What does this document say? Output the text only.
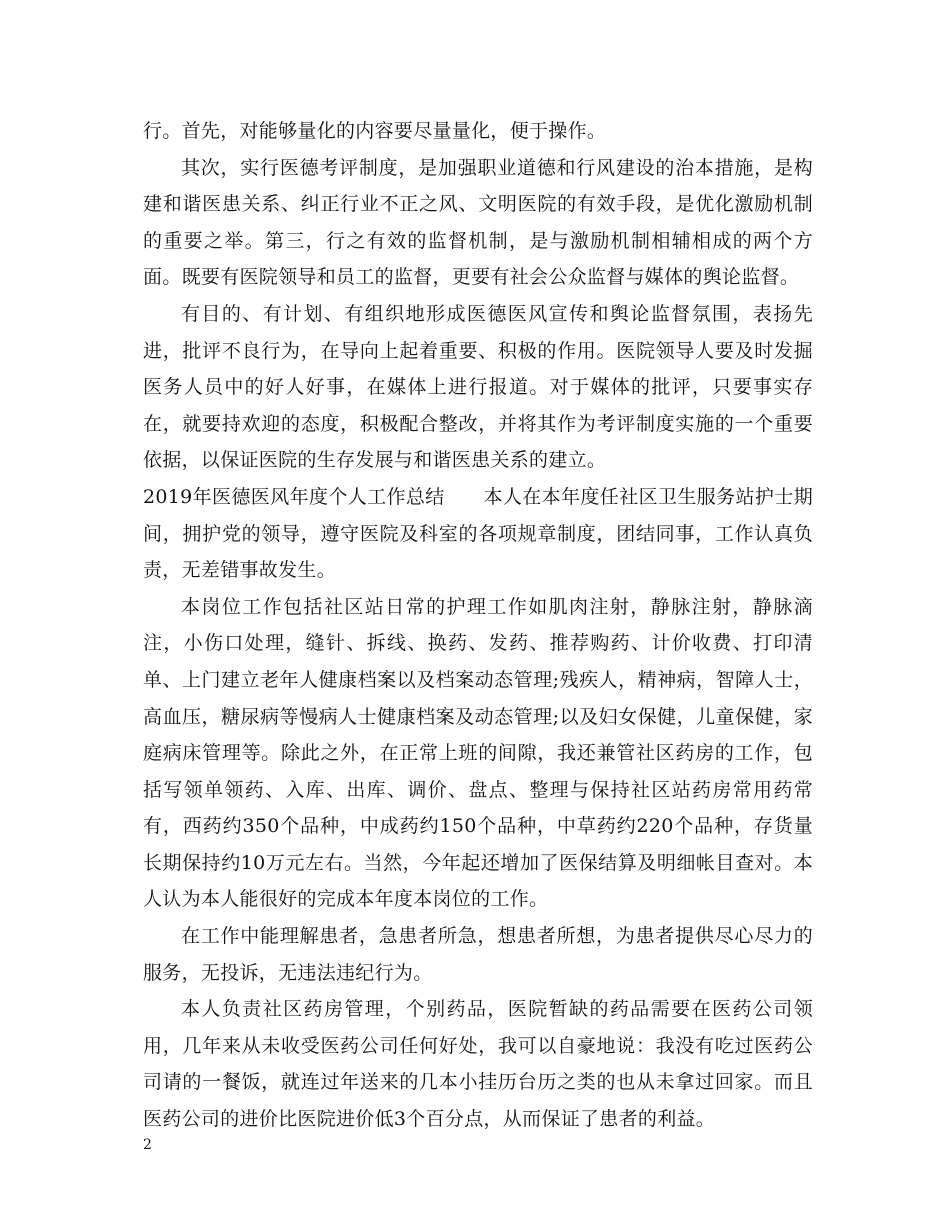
行。首先，对能够量化的内容要尽量量化，便于操作。

其次，实行医德考评制度，是加强职业道德和行风建设的治本措施，是构建和谐医患关系、纠正行业不正之风、文明医院的有效手段，是优化激励机制的重要之举。第三，行之有效的监督机制，是与激励机制相辅相成的两个方面。既要有医院领导和员工的监督，更要有社会公众监督与媒体的舆论监督。

有目的、有计划、有组织地形成医德医风宣传和舆论监督氛围，表扬先进，批评不良行为，在导向上起着重要、积极的作用。医院领导人要及时发掘医务人员中的好人好事，在媒体上进行报道。对于媒体的批评，只要事实存在，就要持欢迎的态度，积极配合整改，并将其作为考评制度实施的一个重要依据，以保证医院的生存发展与和谐医患关系的建立。

2019年医德医风年度个人工作总结　　本人在本年度任社区卫生服务站护士期间，拥护党的领导，遵守医院及科室的各项规章制度，团结同事，工作认真负责，无差错事故发生。

本岗位工作包括社区站日常的护理工作如肌肉注射，静脉注射，静脉滴注，小伤口处理，缝针、拆线、换药、发药、推荐购药、计价收费、打印清单、上门建立老年人健康档案以及档案动态管理;残疾人，精神病，智障人士，高血压，糖尿病等慢病人士健康档案及动态管理;以及妇女保健，儿童保健，家庭病床管理等。除此之外，在正常上班的间隙，我还兼管社区药房的工作，包括写领单领药、入库、出库、调价、盘点、整理与保持社区站药房常用药常有，西药约350个品种，中成药约150个品种，中草药约220个品种，存货量长期保持约10万元左右。当然，今年起还增加了医保结算及明细帐目查对。本人认为本人能很好的完成本年度本岗位的工作。

在工作中能理解患者，急患者所急，想患者所想，为患者提供尽心尽力的服务，无投诉，无违法违纪行为。

本人负责社区药房管理，个别药品，医院暂缺的药品需要在医药公司领用，几年来从未收受医药公司任何好处，我可以自豪地说：我没有吃过医药公司请的一餐饭，就连过年送来的几本小挂历台历之类的也从未拿过回家。而且医药公司的进价比医院进价低3个百分点，从而保证了患者的利益。

2
